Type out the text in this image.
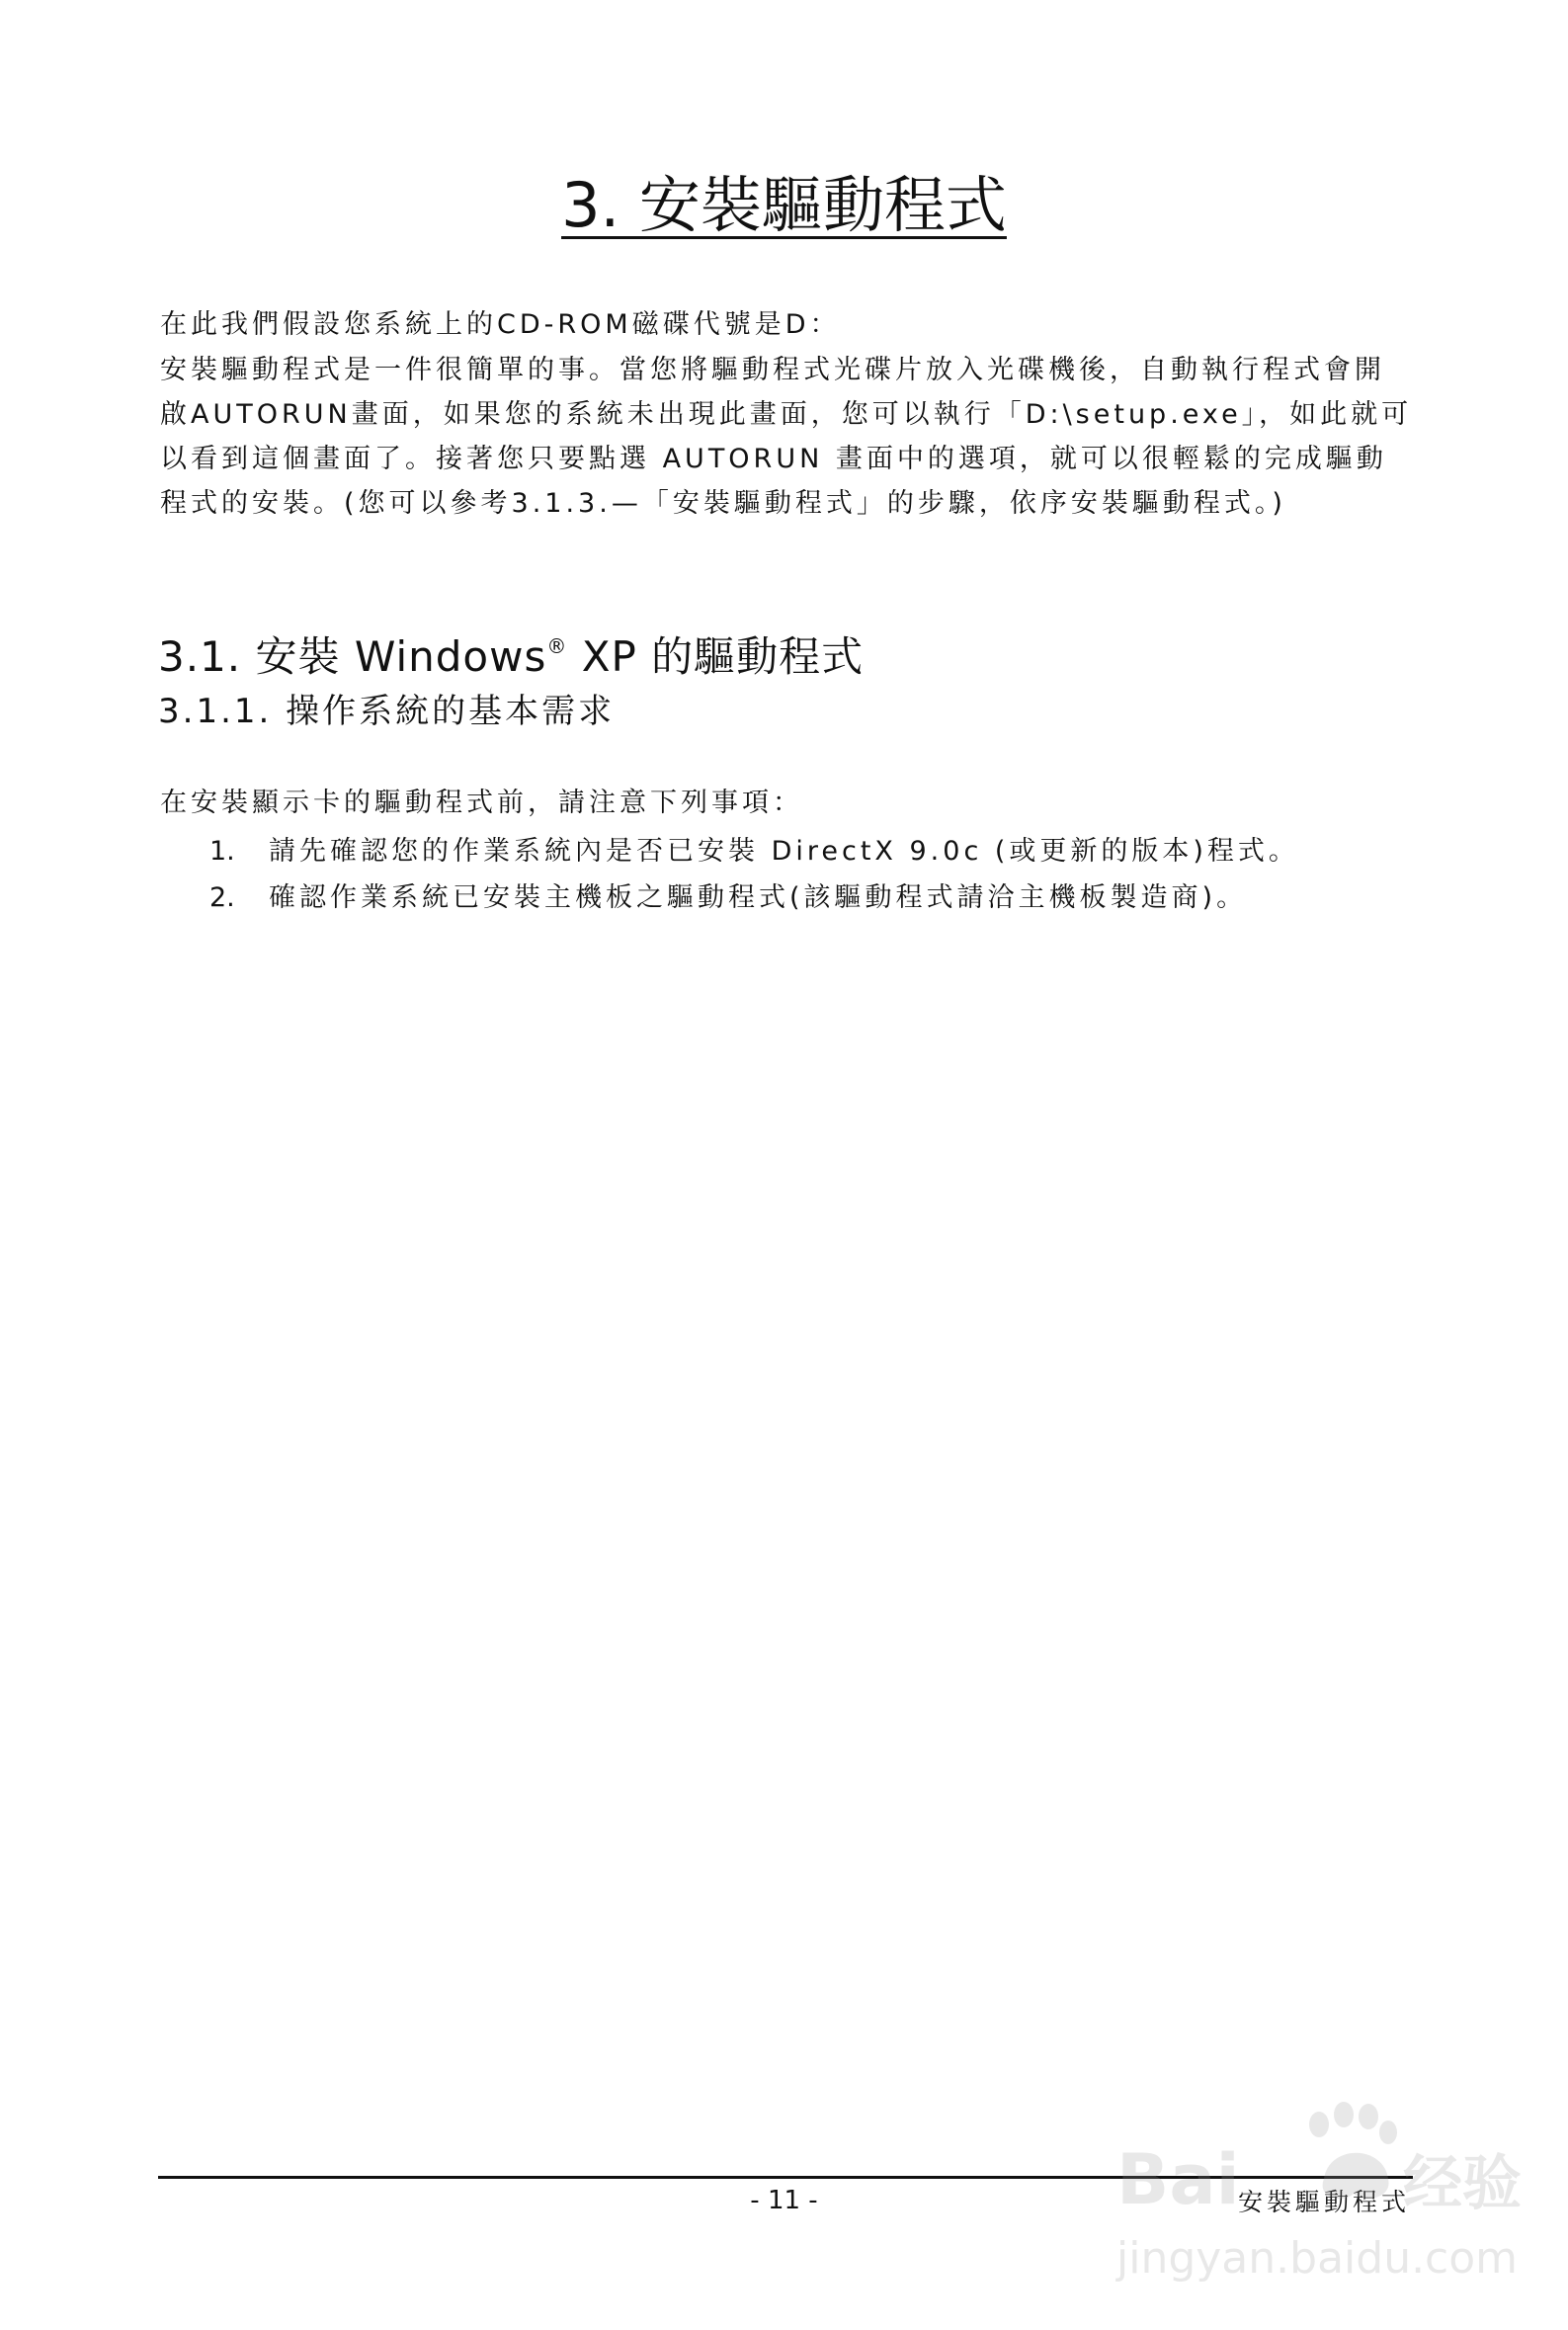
3. 安裝驅動程式

在此我們假設您系統上的CD-ROM磁碟代號是D：

安裝驅動程式是一件很簡單的事。當您將驅動程式光碟片放入光碟機後，自動執行程式會開啟AUTORUN畫面，如果您的系統未出現此畫面，您可以執行「D:\setup.exe」，如此就可以看到這個畫面了。接著您只要點選 AUTORUN 畫面中的選項，就可以很輕鬆的完成驅動程式的安裝。(您可以參考3.1.3.—「安裝驅動程式」的步驟，依序安裝驅動程式。)

3.1. 安裝 Windows® XP 的驅動程式
3.1.1. 操作系統的基本需求

在安裝顯示卡的驅動程式前，請注意下列事項：

1.	請先確認您的作業系統內是否已安裝 DirectX 9.0c (或更新的版本)程式。
2.	確認作業系統已安裝主機板之驅動程式(該驅動程式請洽主機板製造商)。
- 11 -	安裝驅動程式
Bai	经验
jingyan.baidu.com
